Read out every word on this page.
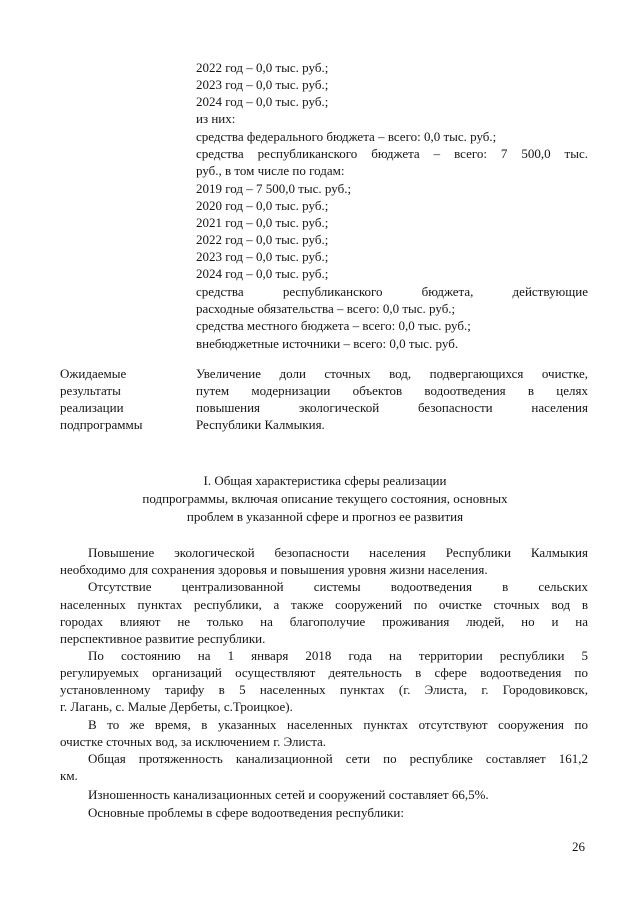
2022 год – 0,0 тыс. руб.;
2023 год – 0,0 тыс. руб.;
2024 год – 0,0 тыс. руб.;
из них:
средства федерального бюджета – всего: 0,0 тыс. руб.;
средства республиканского бюджета – всего: 7 500,0 тыс.
руб., в том числе по годам:
2019 год – 7 500,0 тыс. руб.;
2020 год – 0,0 тыс. руб.;
2021 год – 0,0 тыс. руб.;
2022 год – 0,0 тыс. руб.;
2023 год – 0,0 тыс. руб.;
2024 год – 0,0 тыс. руб.;
средства республиканского бюджета, действующие
расходные обязательства – всего: 0,0 тыс. руб.;
средства местного бюджета – всего: 0,0 тыс. руб.;
внебюджетные источники – всего: 0,0 тыс. руб.
Ожидаемые
результаты
реализации
подпрограммы
Увеличение доли сточных вод, подвергающихся очистке,
путем модернизации объектов водоотведения в целях
повышения экологической безопасности населения
Республики Калмыкия.
I. Общая характеристика сферы реализации
подпрограммы, включая описание текущего состояния, основных
проблем в указанной сфере и прогноз ее развития
Повышение экологической безопасности населения Республики Калмыкия
необходимо для сохранения здоровья и повышения уровня жизни населения.
Отсутствие централизованной системы водоотведения в сельских
населенных пунктах республики, а также сооружений по очистке сточных вод в
городах влияют не только на благополучие проживания людей, но и на
перспективное развитие республики.
По состоянию на 1 января 2018 года на территории республики 5
регулируемых организаций осуществляют деятельность в сфере водоотведения по
установленному тарифу в 5 населенных пунктах (г. Элиста, г. Городовиковск,
г. Лагань, с. Малые Дербеты, с.Троицкое).
В то же время, в указанных населенных пунктах отсутствуют сооружения по
очистке сточных вод, за исключением г. Элиста.
Общая протяженность канализационной сети по республике составляет 161,2
км.
Изношенность канализационных сетей и сооружений составляет 66,5%.
Основные проблемы в сфере водоотведения республики:
26
